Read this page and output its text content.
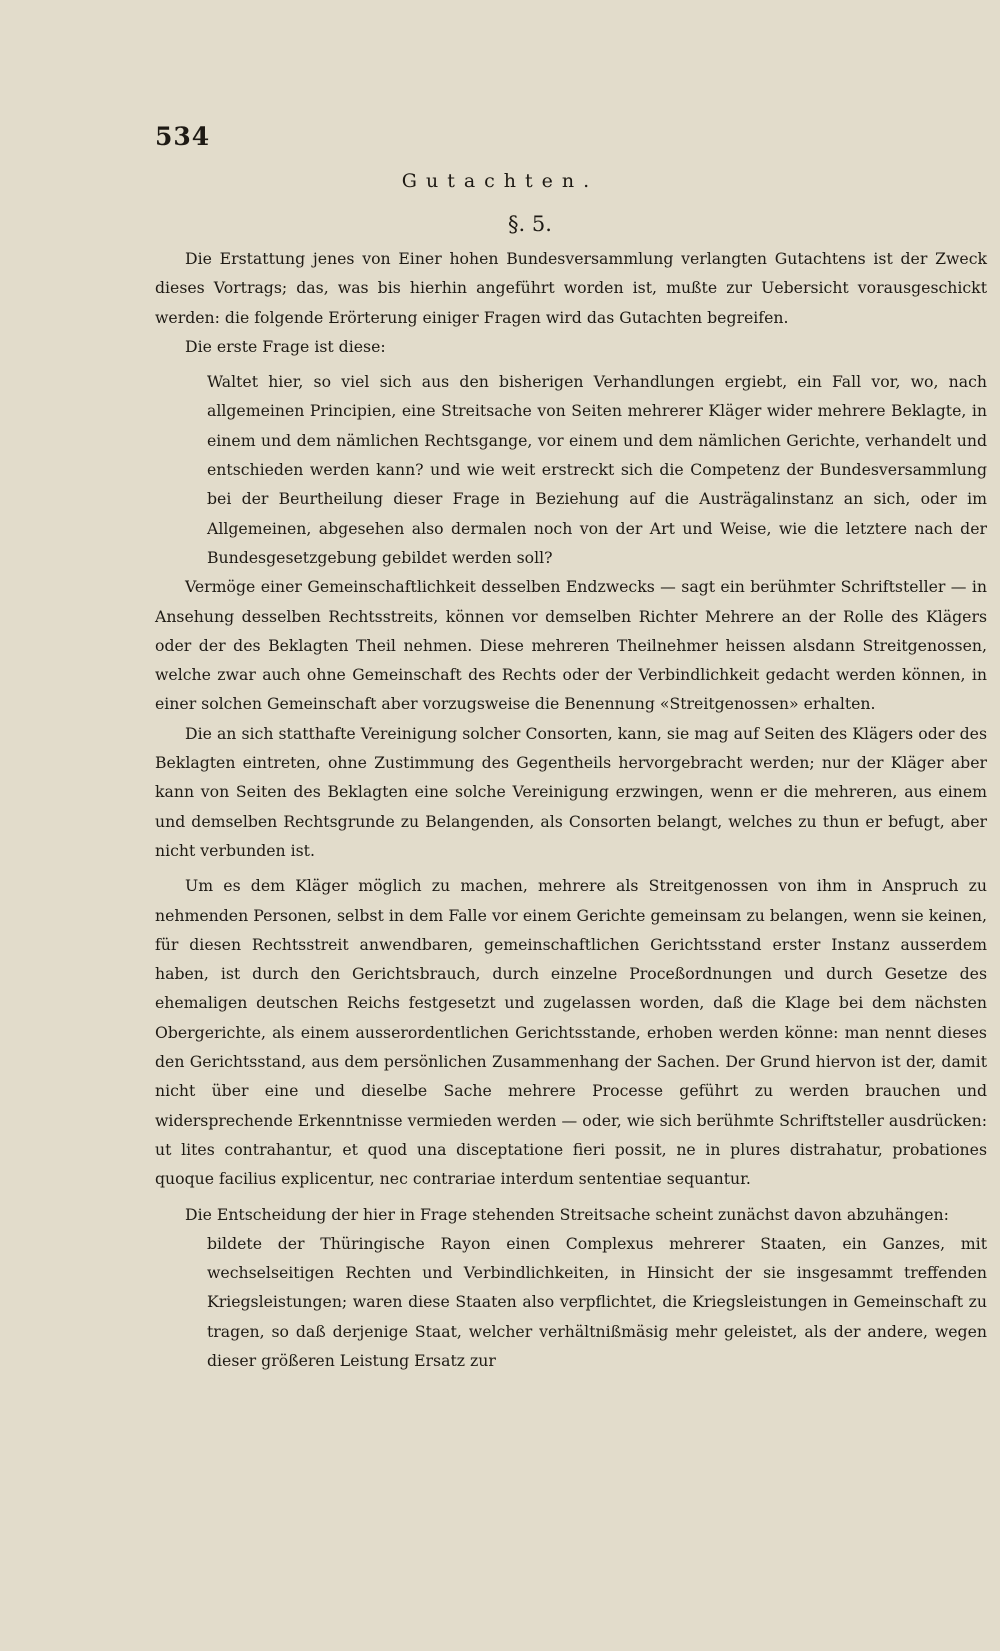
534
Gutachten.
§. 5.

Die Erstattung jenes von Einer hohen Bundesversammlung verlangten Gutachtens ist der Zweck dieses Vortrags; das, was bis hierhin angeführt worden ist, mußte zur Uebersicht vorausgeschickt werden: die folgende Erörterung einiger Fragen wird das Gutachten begreifen.

Die erste Frage ist diese:

Waltet hier, so viel sich aus den bisherigen Verhandlungen ergiebt, ein Fall vor, wo, nach allgemeinen Principien, eine Streitsache von Seiten mehrerer Kläger wider mehrere Beklagte, in einem und dem nämlichen Rechtsgange, vor einem und dem nämlichen Gerichte, verhandelt und entschieden werden kann? und wie weit erstreckt sich die Competenz der Bundesversammlung bei der Beurtheilung dieser Frage in Beziehung auf die Austrägalinstanz an sich, oder im Allgemeinen, abgesehen also dermalen noch von der Art und Weise, wie die letztere nach der Bundesgesetzgebung gebildet werden soll?

Vermöge einer Gemeinschaftlichkeit desselben Endzwecks — sagt ein berühmter Schriftsteller — in Ansehung desselben Rechtsstreits, können vor demselben Richter Mehrere an der Rolle des Klägers oder der des Beklagten Theil nehmen. Diese mehreren Theilnehmer heissen alsdann Streitgenossen, welche zwar auch ohne Gemeinschaft des Rechts oder der Verbindlichkeit gedacht werden können, in einer solchen Gemeinschaft aber vorzugsweise die Benennung «Streitgenossen» erhalten.

Die an sich statthafte Vereinigung solcher Consorten, kann, sie mag auf Seiten des Klägers oder des Beklagten eintreten, ohne Zustimmung des Gegentheils hervorgebracht werden; nur der Kläger aber kann von Seiten des Beklagten eine solche Vereinigung erzwingen, wenn er die mehreren, aus einem und demselben Rechtsgrunde zu Belangenden, als Consorten belangt, welches zu thun er befugt, aber nicht verbunden ist.

Um es dem Kläger möglich zu machen, mehrere als Streitgenossen von ihm in Anspruch zu nehmenden Personen, selbst in dem Falle vor einem Gerichte gemeinsam zu belangen, wenn sie keinen, für diesen Rechtsstreit anwendbaren, gemeinschaftlichen Gerichtsstand erster Instanz ausserdem haben, ist durch den Gerichtsbrauch, durch einzelne Proceßordnungen und durch Gesetze des ehemaligen deutschen Reichs festgesetzt und zugelassen worden, daß die Klage bei dem nächsten Obergerichte, als einem ausserordentlichen Gerichtsstande, erhoben werden könne: man nennt dieses den Gerichtsstand, aus dem persönlichen Zusammenhang der Sachen. Der Grund hiervon ist der, damit nicht über eine und dieselbe Sache mehrere Processe geführt zu werden brauchen und widersprechende Erkenntnisse vermieden werden — oder, wie sich berühmte Schriftsteller ausdrücken: ut lites contrahantur, et quod una disceptatione fieri possit, ne in plures distrahatur, probationes quoque facilius explicentur, nec contrariae interdum sententiae sequantur.

Die Entscheidung der hier in Frage stehenden Streitsache scheint zunächst davon abzuhängen:

bildete der Thüringische Rayon einen Complexus mehrerer Staaten, ein Ganzes, mit wechselseitigen Rechten und Verbindlichkeiten, in Hinsicht der sie insgesammt treffenden Kriegsleistungen; waren diese Staaten also verpflichtet, die Kriegsleistungen in Gemeinschaft zu tragen, so daß derjenige Staat, welcher verhältnißmäsig mehr geleistet, als der andere, wegen dieser größeren Leistung Ersatz zur
